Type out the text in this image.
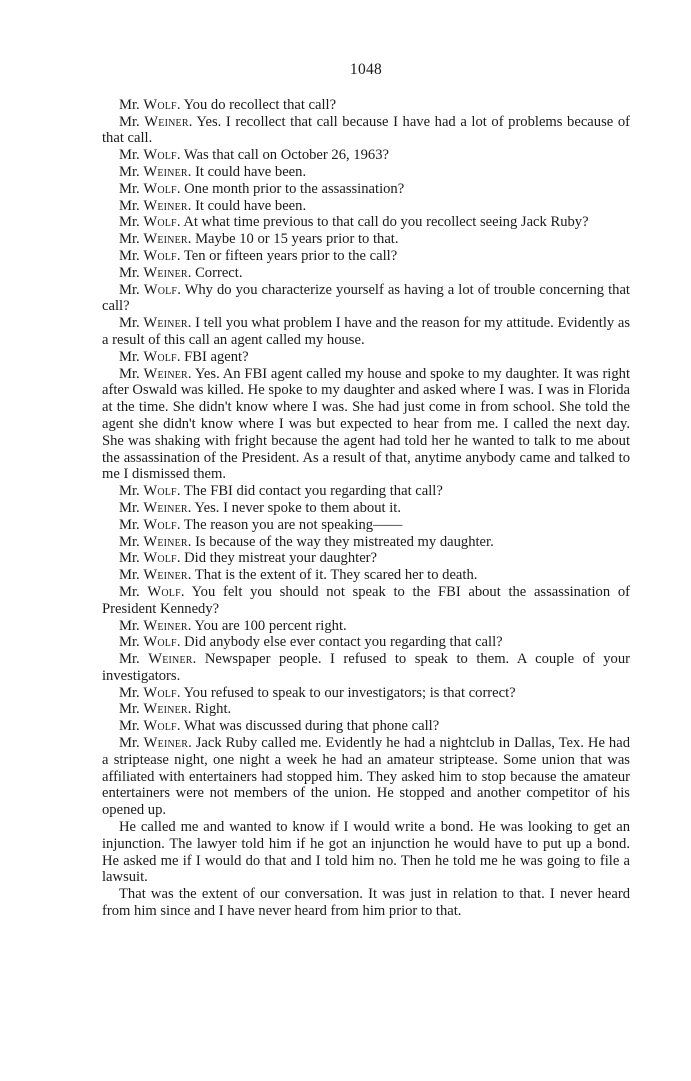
1048

Mr. Wolf. You do recollect that call?

Mr. Weiner. Yes. I recollect that call because I have had a lot of problems because of that call.

Mr. Wolf. Was that call on October 26, 1963?

Mr. Weiner. It could have been.

Mr. Wolf. One month prior to the assassination?

Mr. Weiner. It could have been.

Mr. Wolf. At what time previous to that call do you recollect seeing Jack Ruby?

Mr. Weiner. Maybe 10 or 15 years prior to that.

Mr. Wolf. Ten or fifteen years prior to the call?

Mr. Weiner. Correct.

Mr. Wolf. Why do you characterize yourself as having a lot of trouble concerning that call?

Mr. Weiner. I tell you what problem I have and the reason for my attitude. Evidently as a result of this call an agent called my house.

Mr. Wolf. FBI agent?

Mr. Weiner. Yes. An FBI agent called my house and spoke to my daughter. It was right after Oswald was killed. He spoke to my daughter and asked where I was. I was in Florida at the time. She didn't know where I was. She had just come in from school. She told the agent she didn't know where I was but expected to hear from me. I called the next day. She was shaking with fright because the agent had told her he wanted to talk to me about the assassination of the President. As a result of that, anytime anybody came and talked to me I dismissed them.

Mr. Wolf. The FBI did contact you regarding that call?

Mr. Weiner. Yes. I never spoke to them about it.

Mr. Wolf. The reason you are not speaking——

Mr. Weiner. Is because of the way they mistreated my daughter.

Mr. Wolf. Did they mistreat your daughter?

Mr. Weiner. That is the extent of it. They scared her to death.

Mr. Wolf. You felt you should not speak to the FBI about the assassination of President Kennedy?

Mr. Weiner. You are 100 percent right.

Mr. Wolf. Did anybody else ever contact you regarding that call?

Mr. Weiner. Newspaper people. I refused to speak to them. A couple of your investigators.

Mr. Wolf. You refused to speak to our investigators; is that correct?

Mr. Weiner. Right.

Mr. Wolf. What was discussed during that phone call?

Mr. Weiner. Jack Ruby called me. Evidently he had a nightclub in Dallas, Tex. He had a striptease night, one night a week he had an amateur striptease. Some union that was affiliated with entertainers had stopped him. They asked him to stop because the amateur entertainers were not members of the union. He stopped and another competitor of his opened up.

He called me and wanted to know if I would write a bond. He was looking to get an injunction. The lawyer told him if he got an injunction he would have to put up a bond. He asked me if I would do that and I told him no. Then he told me he was going to file a lawsuit.

That was the extent of our conversation. It was just in relation to that. I never heard from him since and I have never heard from him prior to that.
